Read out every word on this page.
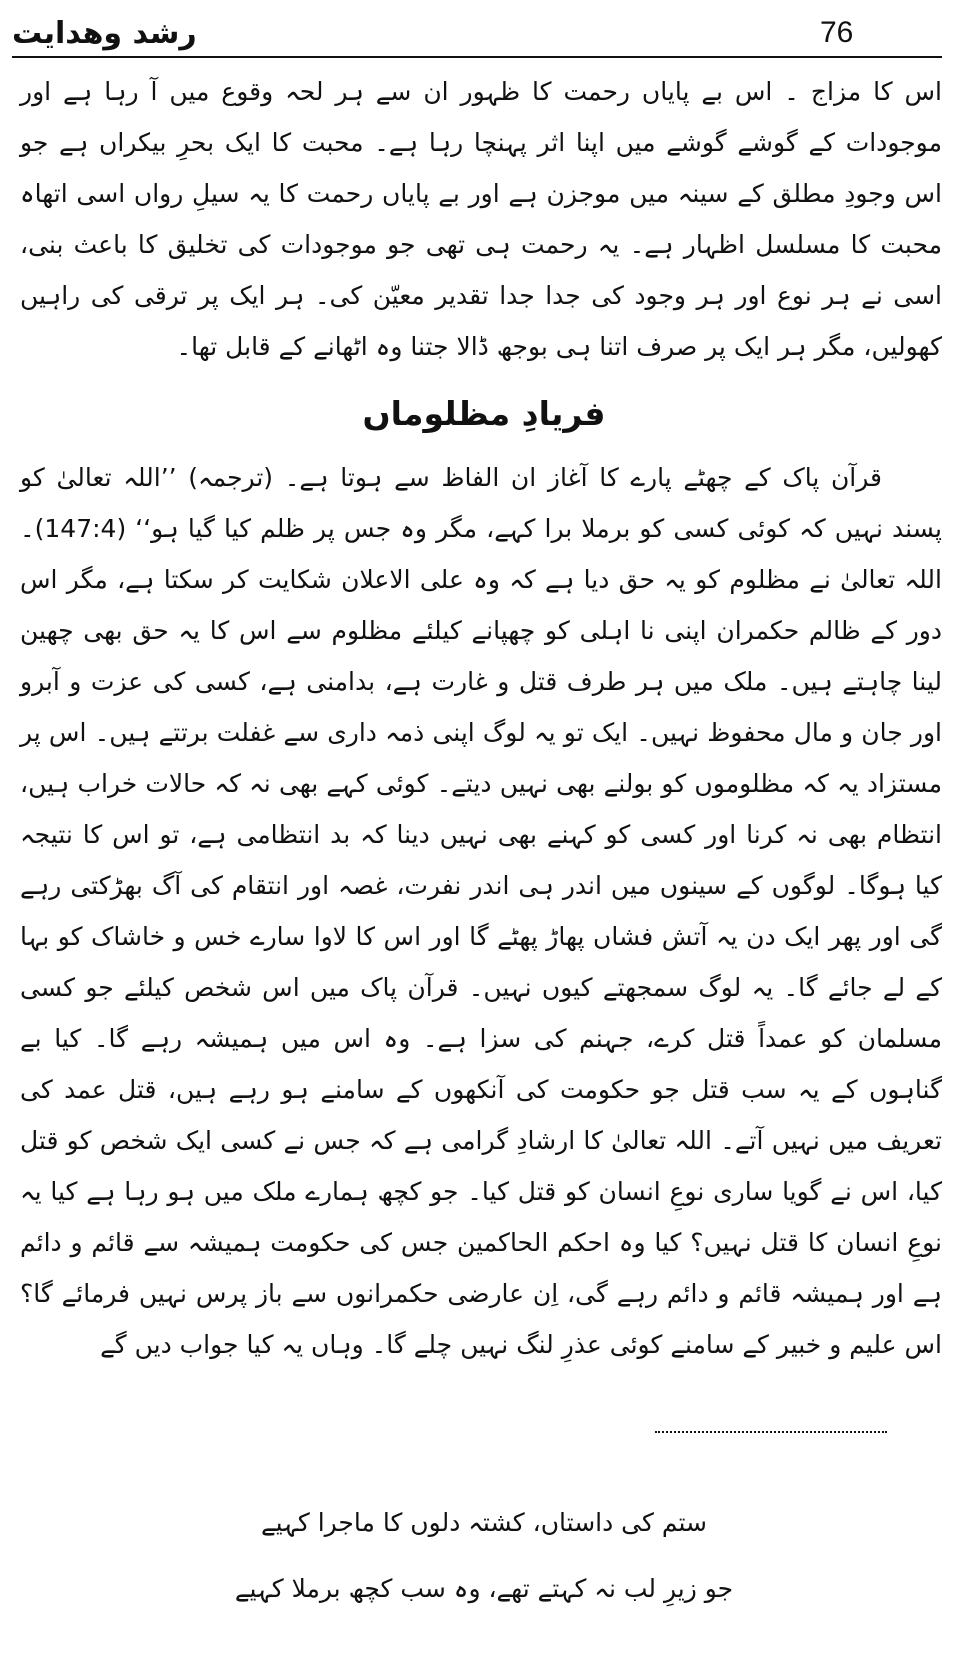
رشد وھدایت	76

اس کا مزاج ۔ اس بے پایاں رحمت کا ظہور ان سے ہر لحہ وقوع میں آ رہا ہے اور موجودات کے گوشے گوشے میں اپنا اثر پہنچا رہا ہے۔ محبت کا ایک بحرِ بیکراں ہے جو اس وجودِ مطلق کے سینہ میں موجزن ہے اور بے پایاں رحمت کا یہ سیلِ رواں اسی اتھاہ محبت کا مسلسل اظہار ہے۔ یہ رحمت ہی تھی جو موجودات کی تخلیق کا باعث بنی، اسی نے ہر نوع اور ہر وجود کی جدا جدا تقدیر معیّن کی۔ ہر ایک پر ترقی کی راہیں کھولیں، مگر ہر ایک پر صرف اتنا ہی بوجھ ڈالا جتنا وہ اٹھانے کے قابل تھا۔

فریادِ مظلوماں

قرآن پاک کے چھٹے پارے کا آغاز ان الفاظ سے ہوتا ہے۔ (ترجمہ) ’’اللہ تعالیٰ کو پسند نہیں کہ کوئی کسی کو برملا برا کہے، مگر وہ جس پر ظلم کیا گیا ہو‘‘ (147:4)۔ اللہ تعالیٰ نے مظلوم کو یہ حق دیا ہے کہ وہ علی الاعلان شکایت کر سکتا ہے، مگر اس دور کے ظالم حکمران اپنی نا اہلی کو چھپانے کیلئے مظلوم سے اس کا یہ حق بھی چھین لینا چاہتے ہیں۔ ملک میں ہر طرف قتل و غارت ہے، بدامنی ہے، کسی کی عزت و آبرو اور جان و مال محفوظ نہیں۔ ایک تو یہ لوگ اپنی ذمہ داری سے غفلت برتتے ہیں۔ اس پر مستزاد یہ کہ مظلوموں کو بولنے بھی نہیں دیتے۔ کوئی کہے بھی نہ کہ حالات خراب ہیں، انتظام بھی نہ کرنا اور کسی کو کہنے بھی نہیں دینا کہ بد انتظامی ہے، تو اس کا نتیجہ کیا ہوگا۔ لوگوں کے سینوں میں اندر ہی اندر نفرت، غصہ اور انتقام کی آگ بھڑکتی رہے گی اور پھر ایک دن یہ آتش فشاں پھاڑ پھٹے گا اور اس کا لاوا سارے خس و خاشاک کو بہا کے لے جائے گا۔ یہ لوگ سمجھتے کیوں نہیں۔ قرآن پاک میں اس شخص کیلئے جو کسی مسلمان کو عمداً قتل کرے، جہنم کی سزا ہے۔ وہ اس میں ہمیشہ رہے گا۔ کیا بے گناہوں کے یہ سب قتل جو حکومت کی آنکھوں کے سامنے ہو رہے ہیں، قتل عمد کی تعریف میں نہیں آتے۔ اللہ تعالیٰ کا ارشادِ گرامی ہے کہ جس نے کسی ایک شخص کو قتل کیا، اس نے گویا ساری نوعِ انسان کو قتل کیا۔ جو کچھ ہمارے ملک میں ہو رہا ہے کیا یہ نوعِ انسان کا قتل نہیں؟ کیا وہ احکم الحاکمین جس کی حکومت ہمیشہ سے قائم و دائم ہے اور ہمیشہ قائم و دائم رہے گی، اِن عارضی حکمرانوں سے باز پرس نہیں فرمائے گا؟ اس علیم و خبیر کے سامنے کوئی عذرِ لنگ نہیں چلے گا۔ وہاں یہ کیا جواب دیں گے

ستم کی داستاں، کشتہ دلوں کا ماجرا کہیے
جو زیرِ لب نہ کہتے تھے، وہ سب کچھ برملا کہیے
